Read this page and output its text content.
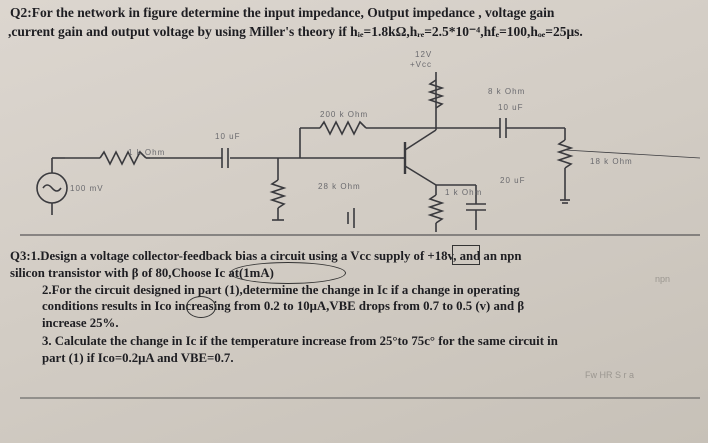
Q2:For the network in figure determine the input impedance, Output impedance , voltage gain
,current gain and output voltage by using Miller's theory if hᵢₑ=1.8kΩ,hᵣₑ=2.5*10⁻⁴,hfₑ=100,hₒₑ=25μs.
12V
+Vcc
200 k Ohm
8 k Ohm
10 uF
10 uF
1 k Ohm
18 k Ohm
20 uF
28 k Ohm
1 k Ohm
100 mV
Q3:1.Design a voltage collector-feedback bias a circuit using a Vcc supply of +18v, and an npn
silicon transistor with β of 80,Choose Ic at(1mA)	npn
2.For the circuit designed in part (1),determine the change in Ic if a change in operating
conditions results in Ico increasing from 0.2 to 10μA,VBE drops from 0.7 to 0.5 (v) and β
increase 25%.
3. Calculate the change in Ic if the temperature increase from 25°to 75c° for the same circuit in
part (1) if Ico=0.2μA and VBE=0.7.
Fw HR S r a
